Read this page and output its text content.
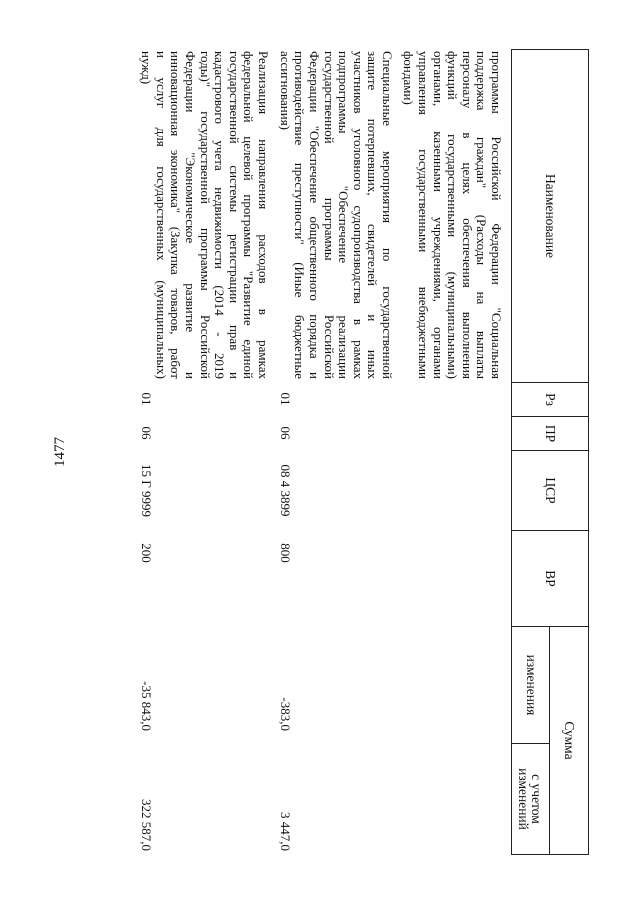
1477
Наименование
Рз
ПР
ЦСР
ВР
Сумма
изменения
с учетом
изменений
программы Российской Федерации "Социальная
поддержка граждан" (Расходы на выплаты
персоналу в целях обеспечения выполнения
функций государственными (муниципальными)
органами, казенными учреждениями, органами
управления государственными внебюджетными
фондами)
Специальные мероприятия по государственной
защите потерпевших, свидетелей и иных
участников уголовного судопроизводства в рамках
подпрограммы "Обеспечение реализации
государственной программы Российской
Федерации "Обеспечение общественного порядка и
противодействие преступности" (Иные бюджетные
ассигнования)
01
06
08 4 3899
800
-383,0
3 447,0
Реализация направления расходов в рамках
федеральной целевой программы "Развитие единой
государственной системы регистрации прав и
кадастрового учета недвижимости (2014 - 2019
годы)" государственной программы Российской
Федерации "Экономическое развитие и
инновационная экономика" (Закупка товаров, работ
и услуг для государственных (муниципальных)
нужд)
01
06
15 Г 9999
200
-35 843,0
322 587,0
